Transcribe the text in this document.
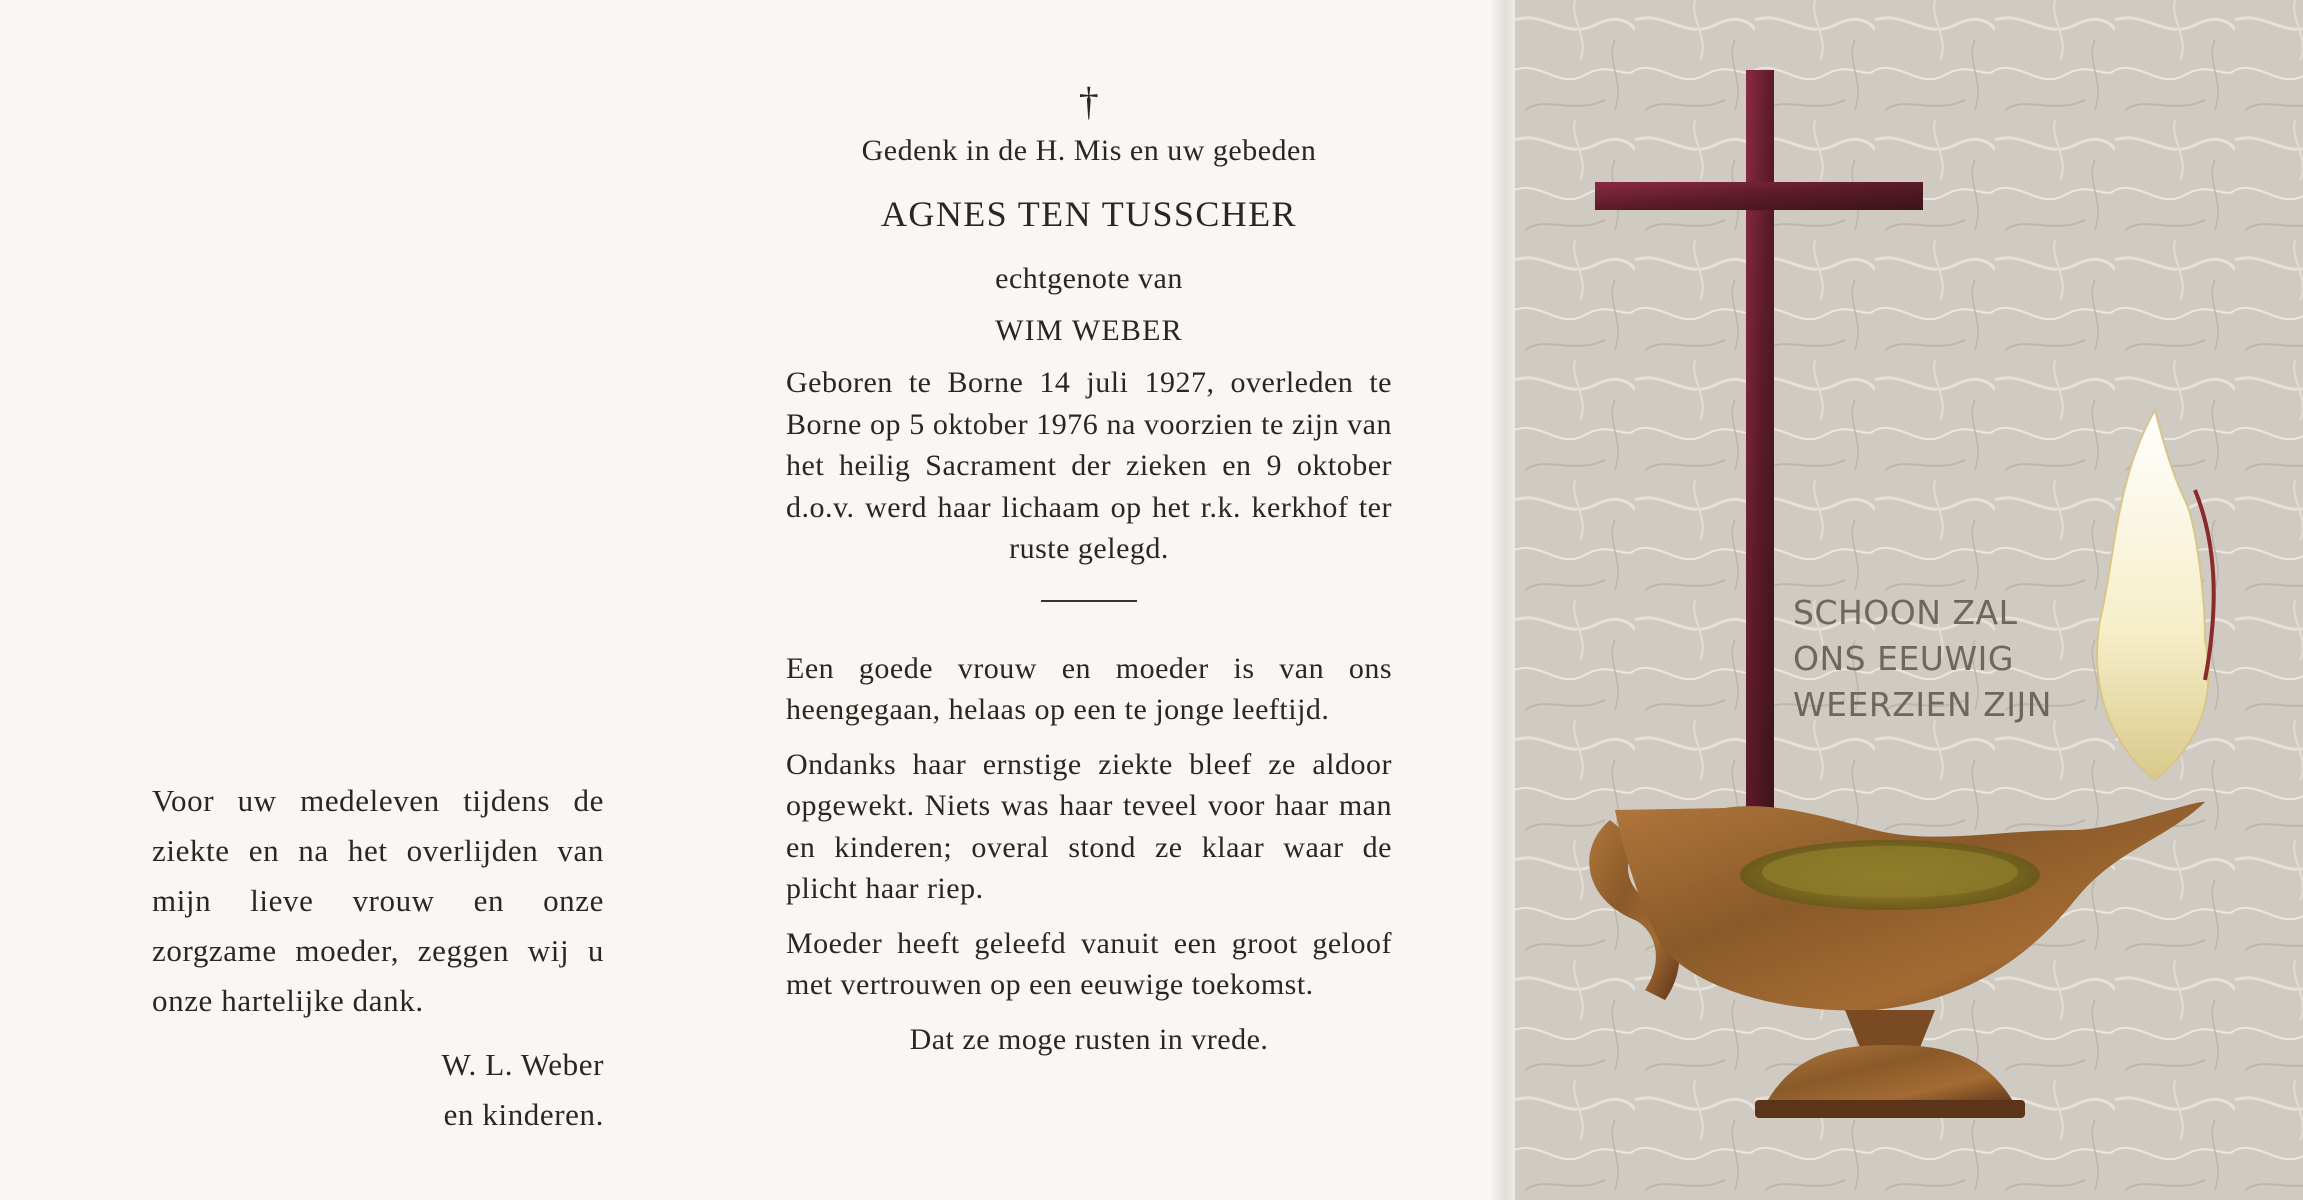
Voor uw medeleven tijdens de ziekte en na het overlijden van mijn lieve vrouw en onze zorgzame moeder, zeggen wij u onze hartelijke dank.

W. L. Weber
en kinderen.
†
Gedenk in de H. Mis en uw gebeden
AGNES TEN TUSSCHER
echtgenote van
WIM WEBER

Geboren te Borne 14 juli 1927, overleden te Borne op 5 oktober 1976 na voorzien te zijn van het heilig Sacrament der zieken en 9 oktober d.o.v. werd haar lichaam op het r.k. kerkhof ter ruste gelegd.

Een goede vrouw en moeder is van ons heengegaan, helaas op een te jonge leeftijd.

Ondanks haar ernstige ziekte bleef ze aldoor opgewekt. Niets was haar teveel voor haar man en kinderen; overal stond ze klaar waar de plicht haar riep.

Moeder heeft geleefd vanuit een groot geloof met vertrouwen op een eeuwige toekomst.

Dat ze moge rusten in vrede.
SCHOON ZAL
ONS EEUWIG
WEERZIEN ZIJN
